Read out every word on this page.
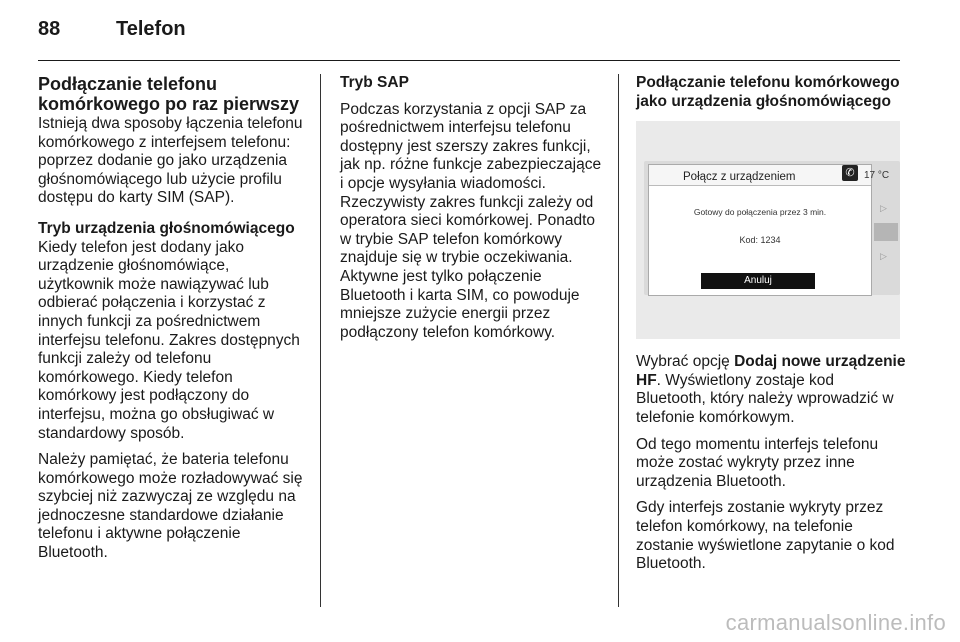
88	Telefon
Podłączanie telefonu komórkowego po raz pierwszy

Istnieją dwa sposoby łączenia telefonu komórkowego z interfejsem telefonu: poprzez dodanie go jako urządzenia głośnomówiącego lub użycie profilu dostępu do karty SIM (SAP).

Tryb urządzenia głośnomówiącego

Kiedy telefon jest dodany jako urządzenie głośnomówiące, użytkownik może nawiązywać lub odbierać połączenia i korzystać z innych funkcji za pośrednictwem interfejsu telefonu. Zakres dostępnych funkcji zależy od telefonu komórkowego. Kiedy telefon komórkowy jest podłączony do interfejsu, można go obsługiwać w standardowy sposób.

Należy pamiętać, że bateria telefonu komórkowego może rozładowywać się szybciej niż zazwyczaj ze względu na jednoczesne standardowe działanie telefonu i aktywne połączenie Bluetooth.

Tryb SAP

Podczas korzystania z opcji SAP za pośrednictwem interfejsu telefonu dostępny jest szerszy zakres funkcji, jak np. różne funkcje zabezpieczające i opcje wysyłania wiadomości. Rzeczywisty zakres funkcji zależy od operatora sieci komórkowej. Ponadto w trybie SAP telefon komórkowy znajduje się w trybie oczekiwania. Aktywne jest tylko połączenie Bluetooth i karta SIM, co powoduje mniejsze zużycie energii przez podłączony telefon komórkowy.

Podłączanie telefonu komórkowego jako urządzenia głośnomówiącego

▷
▷
Połącz z urządzeniem
Gotowy do połączenia przez 3 min.
Kod: 1234
Anuluj
✆ 17 °C

Wybrać opcję Dodaj nowe urządzenie HF. Wyświetlony zostaje kod Bluetooth, który należy wprowadzić w telefonie komórkowym.

Od tego momentu interfejs telefonu może zostać wykryty przez inne urządzenia Bluetooth.

Gdy interfejs zostanie wykryty przez telefon komórkowy, na telefonie zostanie wyświetlone zapytanie o kod Bluetooth.

carmanualsonline.info
